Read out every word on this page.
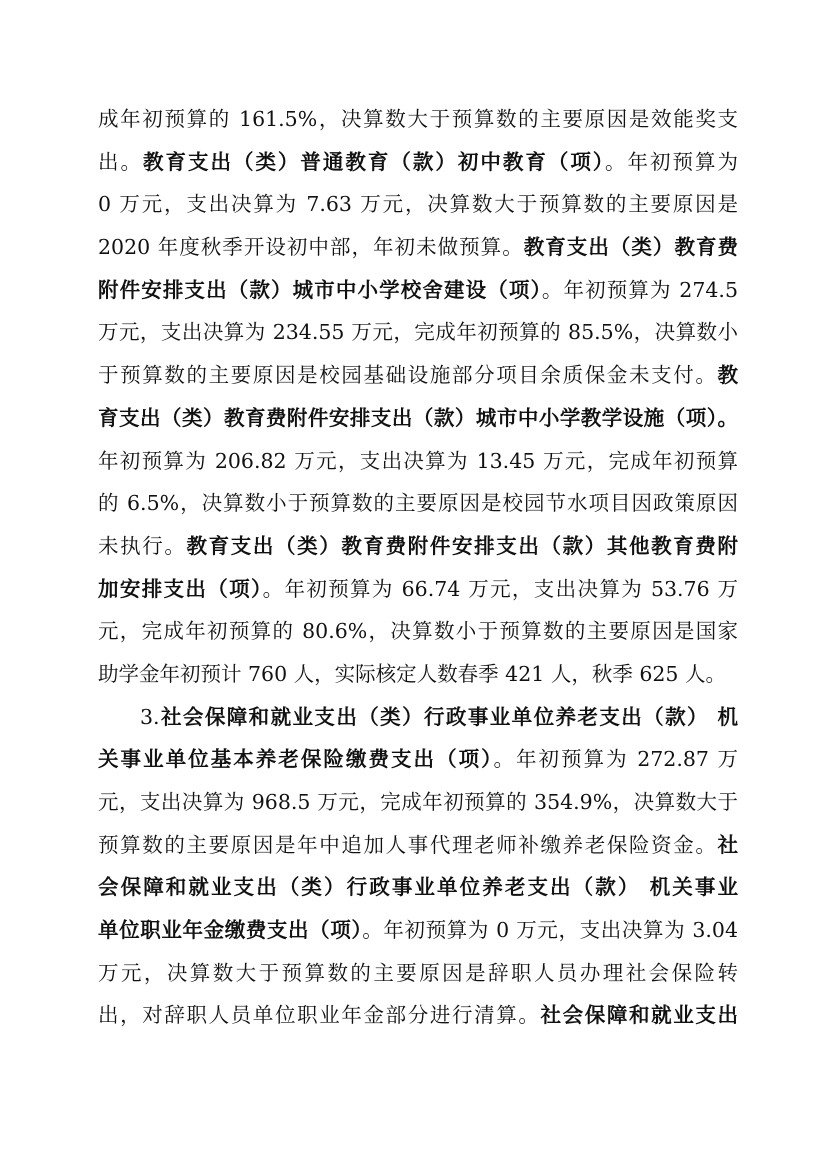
成年初预算的 161.5%，决算数大于预算数的主要原因是效能奖支
出。教育支出（类）普通教育（款）初中教育（项）。年初预算为
0 万元，支出决算为 7.63 万元，决算数大于预算数的主要原因是
2020 年度秋季开设初中部，年初未做预算。教育支出（类）教育费
附件安排支出（款）城市中小学校舍建设（项）。年初预算为 274.5
万元，支出决算为 234.55 万元，完成年初预算的 85.5%，决算数小
于预算数的主要原因是校园基础设施部分项目余质保金未支付。教
育支出（类）教育费附件安排支出（款）城市中小学教学设施（项）。
年初预算为 206.82 万元，支出决算为 13.45 万元，完成年初预算
的 6.5%，决算数小于预算数的主要原因是校园节水项目因政策原因
未执行。教育支出（类）教育费附件安排支出（款）其他教育费附
加安排支出（项）。年初预算为 66.74 万元，支出决算为 53.76 万
元，完成年初预算的 80.6%，决算数小于预算数的主要原因是国家
助学金年初预计 760 人，实际核定人数春季 421 人，秋季 625 人。
3.社会保障和就业支出（类）行政事业单位养老支出（款） 机
关事业单位基本养老保险缴费支出（项）。年初预算为 272.87 万
元，支出决算为 968.5 万元，完成年初预算的 354.9%，决算数大于
预算数的主要原因是年中追加人事代理老师补缴养老保险资金。社
会保障和就业支出（类）行政事业单位养老支出（款） 机关事业
单位职业年金缴费支出（项）。年初预算为 0 万元，支出决算为 3.04
万元，决算数大于预算数的主要原因是辞职人员办理社会保险转
出，对辞职人员单位职业年金部分进行清算。社会保障和就业支出
